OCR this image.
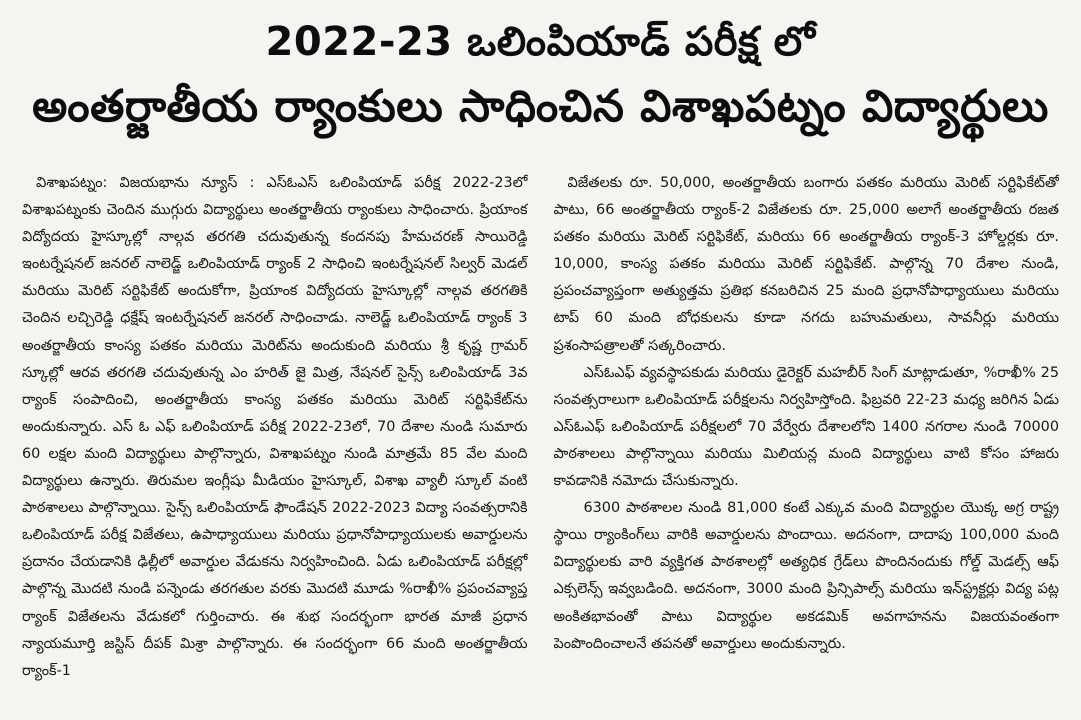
2022-23 ఒలింపియాడ్ పరీక్ష లో
అంతర్జాతీయ ర్యాంకులు సాధించిన విశాఖపట్నం విద్యార్థులు

విశాఖపట్నం: విజయభాను న్యూస్ : ఎస్ఓఎస్ ఒలింపియాడ్ పరీక్ష 2022-23లో విశాఖపట్నంకు చెందిన ముగ్గురు విద్యార్థులు అంతర్జాతీయ ర్యాంకులు సాధించారు. ప్రియాంక విద్యోదయ హైస్కూల్లో నాల్గవ తరగతి చదువుతున్న కందనపు హేమచరణ్ సాయిరెడ్డి ఇంటర్నేషనల్ జనరల్ నాలెడ్జ్ ఒలింపియాడ్ ర్యాంక్ 2 సాధించి ఇంటర్నేషనల్ సిల్వర్ మెడల్ మరియు మెరిట్ సర్టిఫికేట్ అందుకోగా, ప్రియాంక విద్యోదయ హైస్కూల్లో నాల్గవ తరగతికి చెందిన లచ్చిరెడ్డి ధక్షేష్ ఇంటర్నేషనల్ జనరల్ సాధించాడు. నాలెడ్జ్ ఒలింపియాడ్ ర్యాంక్ 3 అంతర్జాతీయ కాంస్య పతకం మరియు మెరిట్‌ను అందుకుంది మరియు శ్రీ కృష్ణ గ్రామర్ స్కూల్లో ఆరవ తరగతి చదువుతున్న ఎం హరిత్ జై మిత్ర, నేషనల్ సైన్స్ ఒలింపియాడ్ 3వ ర్యాంక్ సంపాదించి, అంతర్జాతీయ కాంస్య పతకం మరియు మెరిట్ సర్టిఫికేట్‌ను అందుకున్నారు. ఎస్ ఓ ఎఫ్ ఒలింపియాడ్ పరీక్ష 2022-23లో, 70 దేశాల నుండి సుమారు 60 లక్షల మంది విద్యార్థులు పాల్గొన్నారు, విశాఖపట్నం నుండి మాత్రమే 85 వేల మంది విద్యార్థులు ఉన్నారు. తిరుమల ఇంగ్లీషు మీడియం హైస్కూల్, విశాఖ వ్యాలీ స్కూల్ వంటి పాఠశాలలు పాల్గొన్నాయి. సైన్స్ ఒలింపియాడ్ ఫౌండేషన్ 2022-2023 విద్యా సంవత్సరానికి ఒలింపియాడ్ పరీక్ష విజేతలు, ఉపాధ్యాయులు మరియు ప్రధానోపాధ్యాయులకు అవార్డులను ప్రదానం చేయడానికి ఢిల్లీలో అవార్డుల వేడుకను నిర్వహించింది. ఏడు ఒలింపియాడ్ పరీక్షల్లో పాల్గొన్న మొదటి నుండి పన్నెండు తరగతుల వరకు మొదటి మూడు %రాఖీ% ప్రపంచవ్యాప్త ర్యాంక్ విజేతలను వేడుకలో గుర్తించారు. ఈ శుభ సందర్భంగా భారత మాజీ ప్రధాన న్యాయమూర్తి జస్టిస్ దీపక్ మిశ్రా పాల్గొన్నారు. ఈ సందర్భంగా 66 మంది అంతర్జాతీయ ర్యాంక్-1

విజేతలకు రూ. 50,000, అంతర్జాతీయ బంగారు పతకం మరియు మెరిట్ సర్టిఫికేట్‌తో పాటు, 66 అంతర్జాతీయ ర్యాంక్-2 విజేతలకు రూ. 25,000 అలాగే అంతర్జాతీయ రజత పతకం మరియు మెరిట్ సర్టిఫికేట్, మరియు 66 అంతర్జాతీయ ర్యాంక్-3 హోల్డర్లకు రూ. 10,000, కాంస్య పతకం మరియు మెరిట్ సర్టిఫికేట్. పాల్గొన్న 70 దేశాల నుండి, ప్రపంచవ్యాప్తంగా అత్యుత్తమ ప్రతిభ కనబరిచిన 25 మంది ప్రధానోపాధ్యాయులు మరియు టాప్ 60 మంది బోధకులను కూడా నగదు బహుమతులు, సావనీర్లు మరియు ప్రశంసాపత్రాలతో సత్కరించారు.

ఎస్ఓఎఫ్ వ్యవస్థాపకుడు మరియు డైరెక్టర్ మహబీర్ సింగ్ మాట్లాడుతూ, %రాఖీ% 25 సంవత్సరాలుగా ఒలింపియాడ్ పరీక్షలను నిర్వహిస్తోంది. ఫిబ్రవరి 22-23 మధ్య జరిగిన ఏడు ఎస్ఓఎఫ్ ఒలింపియాడ్ పరీక్షలలో 70 వేర్వేరు దేశాలలోని 1400 నగరాల నుండి 70000 పాఠశాలలు పాల్గొన్నాయి మరియు మిలియన్ల మంది విద్యార్థులు వాటి కోసం హాజరు కావడానికి నమోదు చేసుకున్నారు.

6300 పాఠశాలల నుండి 81,000 కంటే ఎక్కువ మంది విద్యార్థుల యొక్క అగ్ర రాష్ట్ర స్థాయి ర్యాంకింగ్‌లు వారికి అవార్డులను పొందాయి. అదనంగా, దాదాపు 100,000 మంది విద్యార్థులకు వారి వ్యక్తిగత పాఠశాలల్లో అత్యధిక గ్రేడ్‌లు పొందినందుకు గోల్డ్ మెడల్స్ ఆఫ్ ఎక్సలెన్స్ ఇవ్వబడింది. అదనంగా, 3000 మంది ప్రిన్సిపాల్స్ మరియు ఇన్‌స్ట్రక్టర్లు విద్య పట్ల అంకితభావంతో పాటు విద్యార్థుల అకడమిక్ అవగాహనను విజయవంతంగా పెంపొందించాలనే తపనతో అవార్డులు అందుకున్నారు.
